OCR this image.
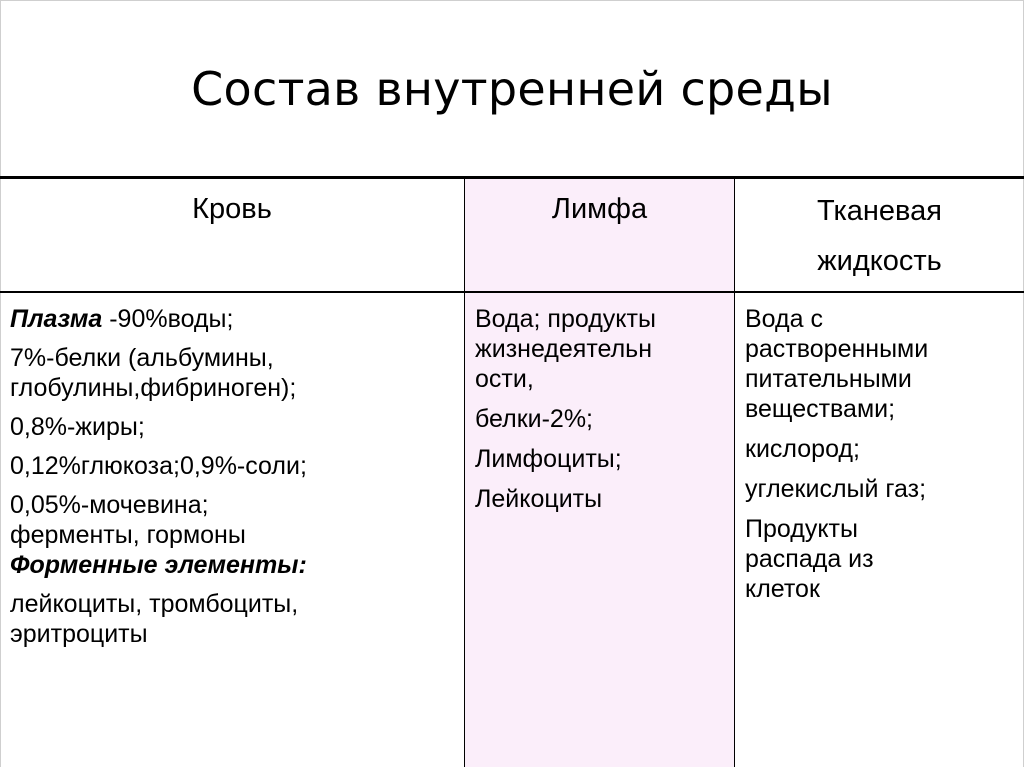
Состав внутренней среды
Кровь	Лимфа	Тканевая
жидкость

Плазма -90%воды;

7%-белки (альбумины,
глобулины,фибриноген);

0,8%-жиры;

0,12%глюкоза;0,9%-соли;

0,05%-мочевина;

ферменты, гормоны

Форменные элементы:

лейкоциты, тромбоциты,
эритроциты

Вода; продукты
жизнедеятельн
ости,

белки-2%;

Лимфоциты;

Лейкоциты

Вода с
растворенными
питательными
веществами;

кислород;

углекислый газ;

Продукты
распада из
клеток
